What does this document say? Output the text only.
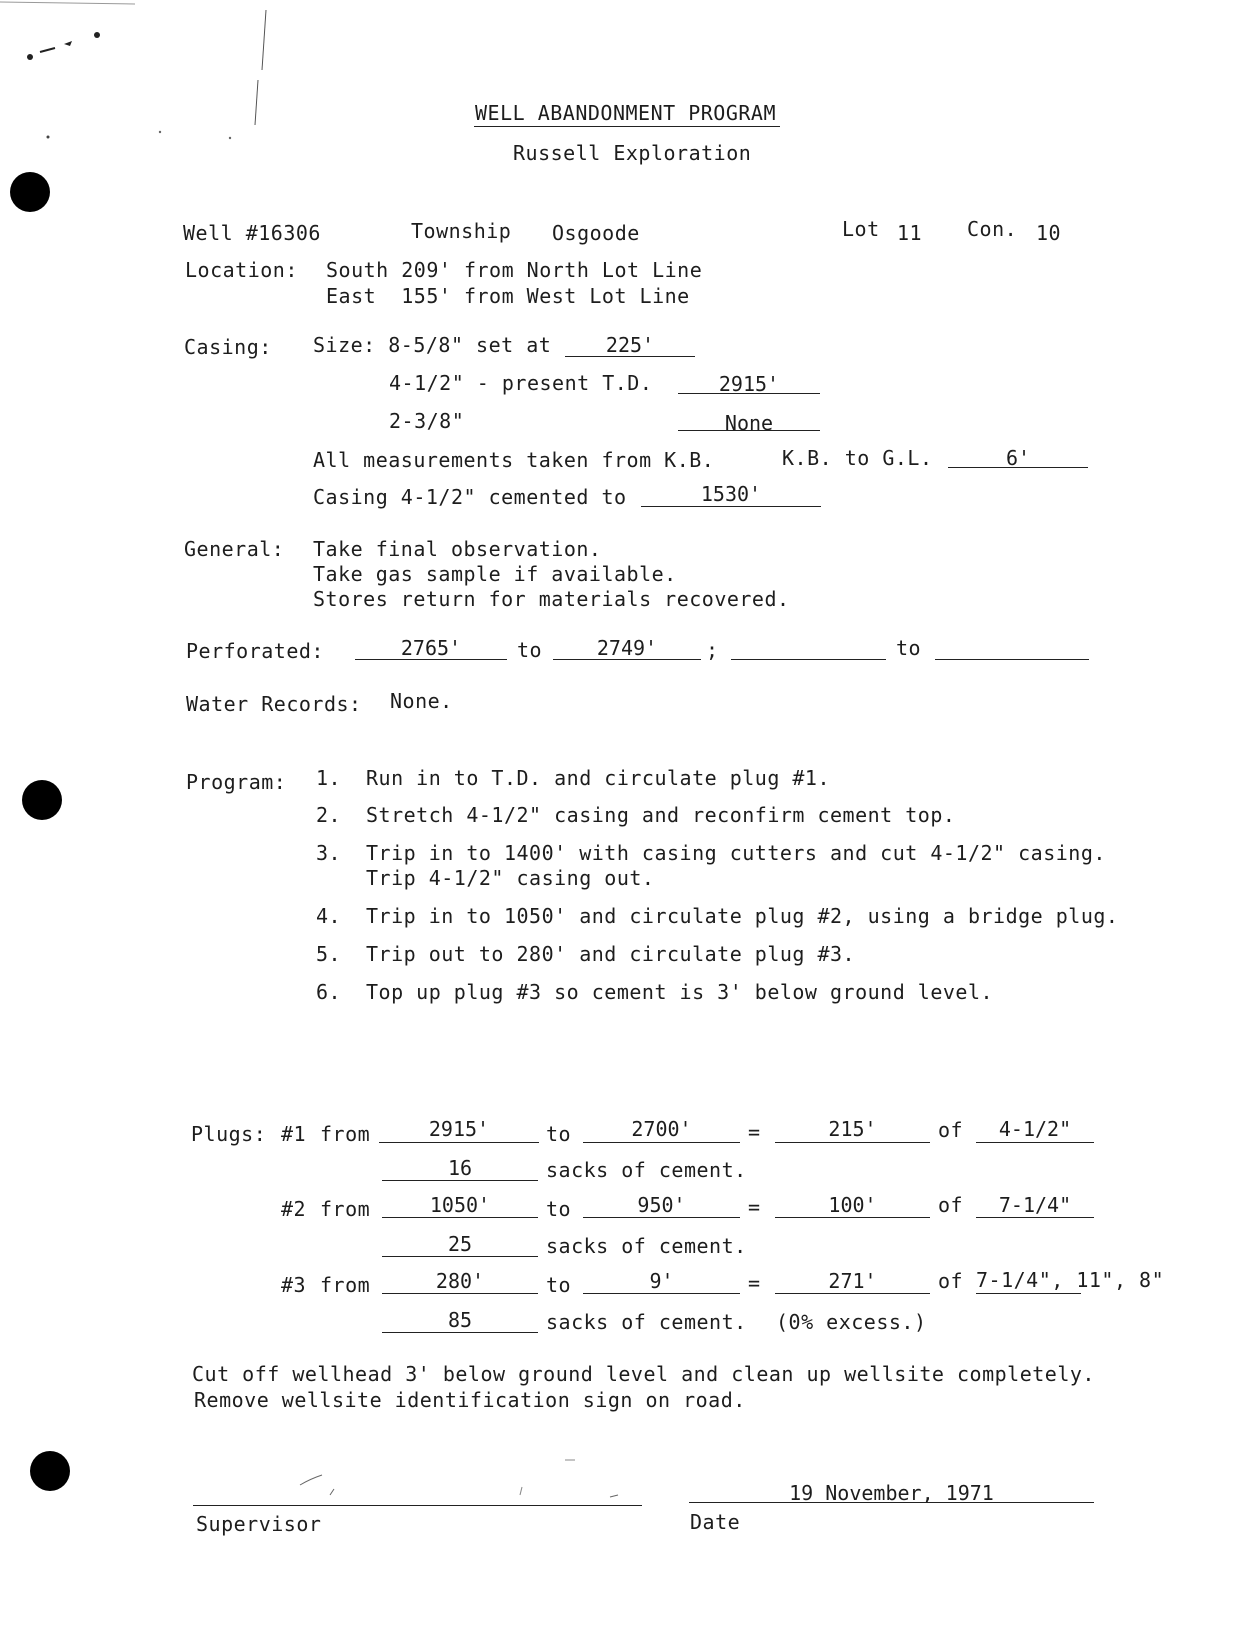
WELL ABANDONMENT PROGRAM
Russell Exploration
Well #16306	Township Osgoode	Lot 11 Con. 10
Location: South 209' from North Lot Line
East  155' from West Lot Line
Casing: Size: 8-5/8" set at	225'
4-1/2" - present T.D.	2915'
2-3/8"	None
All measurements taken from K.B.	K.B. to G.L.	6'
Casing 4-1/2" cemented to	1530'
General: Take final observation.
Take gas sample if available.
Stores return for materials recovered.
Perforated:	2765'	to	2749'	;	to
Water Records: None.
Program: 1. Run in to T.D. and circulate plug #1.
2. Stretch 4-1/2" casing and reconfirm cement top.
3. Trip in to 1400' with casing cutters and cut 4-1/2" casing.
Trip 4-1/2" casing out.
4. Trip in to 1050' and circulate plug #2, using a bridge plug.
5. Trip out to 280' and circulate plug #3.
6. Top up plug #3 so cement is 3' below ground level.
Plugs: #1 from	2915'	to	2700'	=	215'	of	4-1/2"
16	sacks of cement.
#2 from	1050'	to	950'	=	100'	of	7-1/4"
25	sacks of cement.
#3 from	280'	to	9'	=	271'	of 7-1/4", 11", 8"
85	sacks of cement. (0% excess.)
Cut off wellhead 3' below ground level and clean up wellsite completely.
Remove wellsite identification sign on road.
Supervisor
19 November, 1971
Date
